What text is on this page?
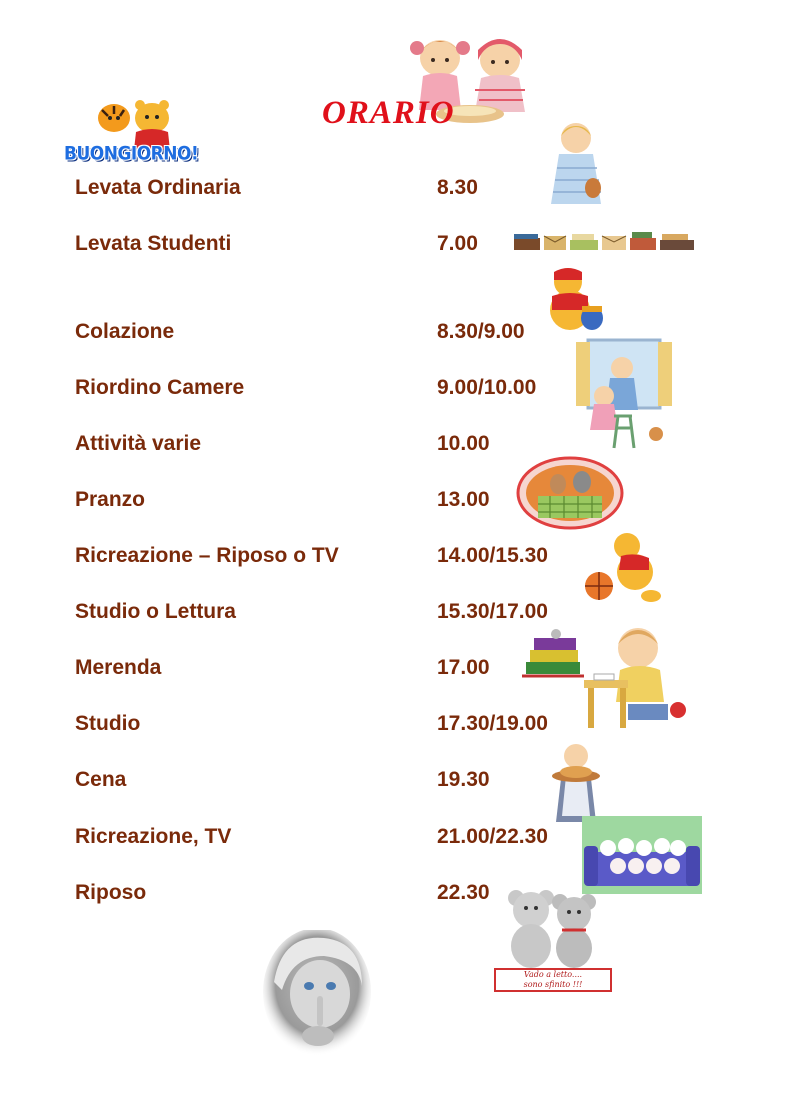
ORARIO
BUONGIORNO!
Levata Ordinaria	8.30
Levata Studenti	7.00
Colazione	8.30/9.00
Riordino Camere	9.00/10.00
Attività varie	10.00
Pranzo	13.00
Ricreazione – Riposo o TV	14.00/15.30
Studio o Lettura	15.30/17.00
Merenda	17.00
Studio	17.30/19.00
Cena	19.30
Ricreazione, TV	21.00/22.30
Riposo	22.30
Vado a letto....
sono sfinito !!!
